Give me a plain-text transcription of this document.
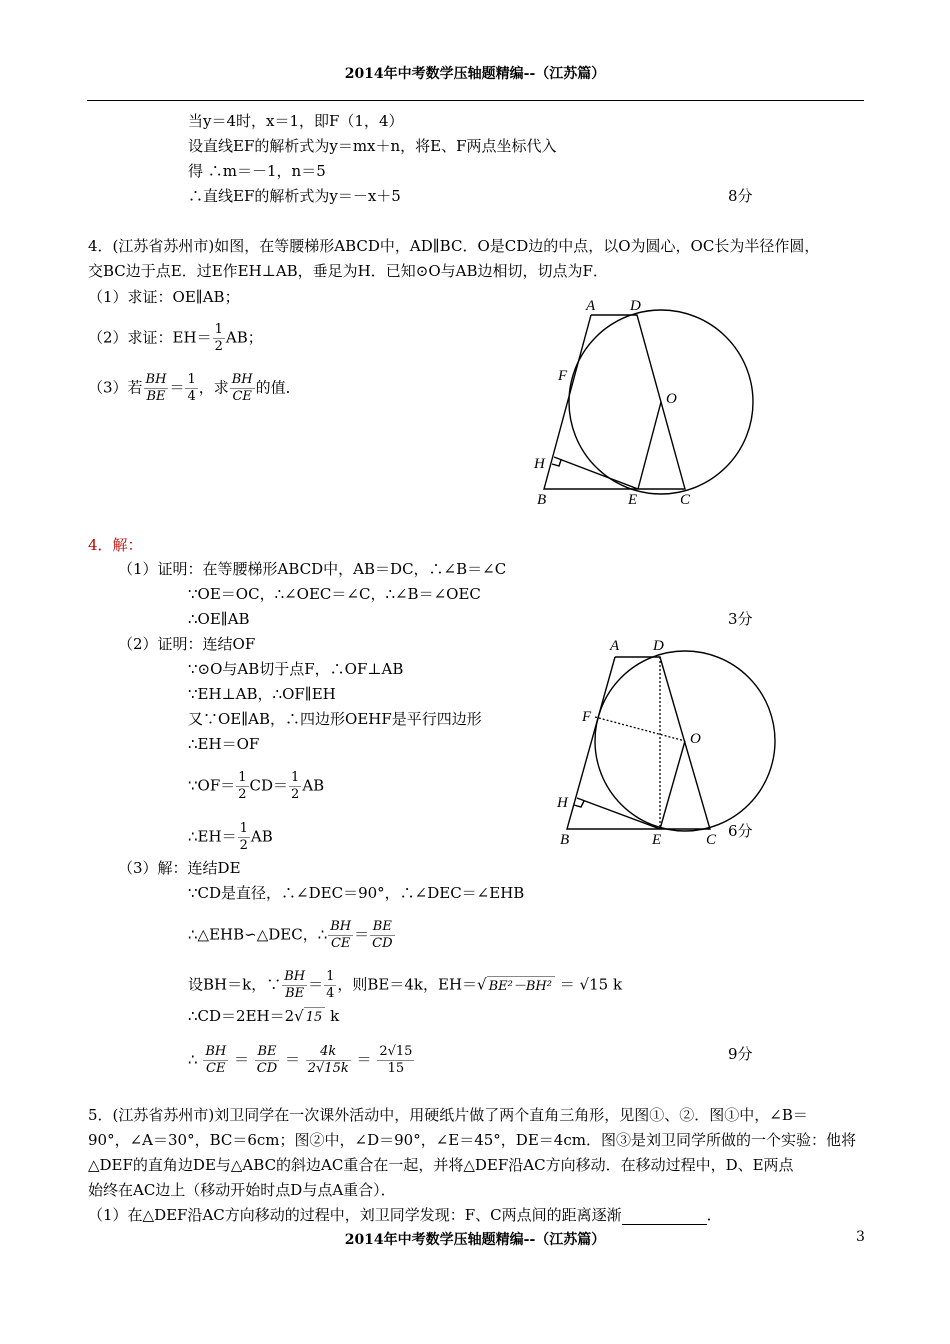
2014年中考数学压轴题精编--（江苏篇）
当y＝4时，x＝1，即F（1，4）
设直线EF的解析式为y＝mx＋n，将E、F两点坐标代入
得 ∴m＝－1，n＝5
∴直线EF的解析式为y＝－x＋5	8分
4．(江苏省苏州市)如图，在等腰梯形ABCD中，AD∥BC．O是CD边的中点，以O为圆心，OC长为半径作圆，
交BC边于点E．过E作EH⊥AB，垂足为H．已知⊙O与AB边相切，切点为F．
（1）求证：OE∥AB；
（2）求证：$EH= \frac{1}{2}$ AB；
（3）若 $\frac{BH}{BE} = \frac{1}{4}$ ，求 $\frac{BH}{CE}$ 的值．
A D
F
O
H
B	E	C
4．解：
（1）证明：在等腰梯形ABCD中，AB＝DC，∴∠B＝∠C
∵OE＝OC，∴∠OEC＝∠C，∴∠B＝∠OEC
∴OE∥AB	3分
（2）证明：连结OF
∵⊙O与AB切于点F，∴OF⊥AB
∵EH⊥AB，∴OF∥EH
又∵OE∥AB，∴四边形OEHF是平行四边形
∴EH＝OF
∵OF＝ $\frac{1}{2} CD= \frac{1}{2}$ AB
∴EH＝ $\frac{1}{2}$ AB	6分
A D
F
O
H
B	E	C
（3）解：连结DE
∵CD是直径，∴∠DEC＝90°，∴∠DEC＝∠EHB
∴△EHB∽△DEC，∴ $\frac{BH}{CE} = \frac{BE}{CD}$
设BH＝k，∵ $\frac{BH}{BE} = \frac{1}{4}$ ，则BE＝4k，EH＝√ BE²－BH² ＝ √15 k
∴CD＝2EH＝2√ 15 k
∴ $\frac{BH}{CE} = \frac{BE}{CD} = \frac{4k}{2√15k} = \frac{2√15}{15}$	9分
5．(江苏省苏州市)刘卫同学在一次课外活动中，用硬纸片做了两个直角三角形，见图①、②．图①中，∠B＝
90°，∠A＝30°，BC＝6cm；图②中，∠D＝90°，∠E＝45°，DE＝4cm．图③是刘卫同学所做的一个实验：他将
△DEF的直角边DE与△ABC的斜边AC重合在一起，并将△DEF沿AC方向移动．在移动过程中，D、E两点
始终在AC边上（移动开始时点D与点A重合）．
（1）在△DEF沿AC方向移动的过程中，刘卫同学发现：F、C两点间的距离逐渐	．
2014年中考数学压轴题精编--（江苏篇）	3
